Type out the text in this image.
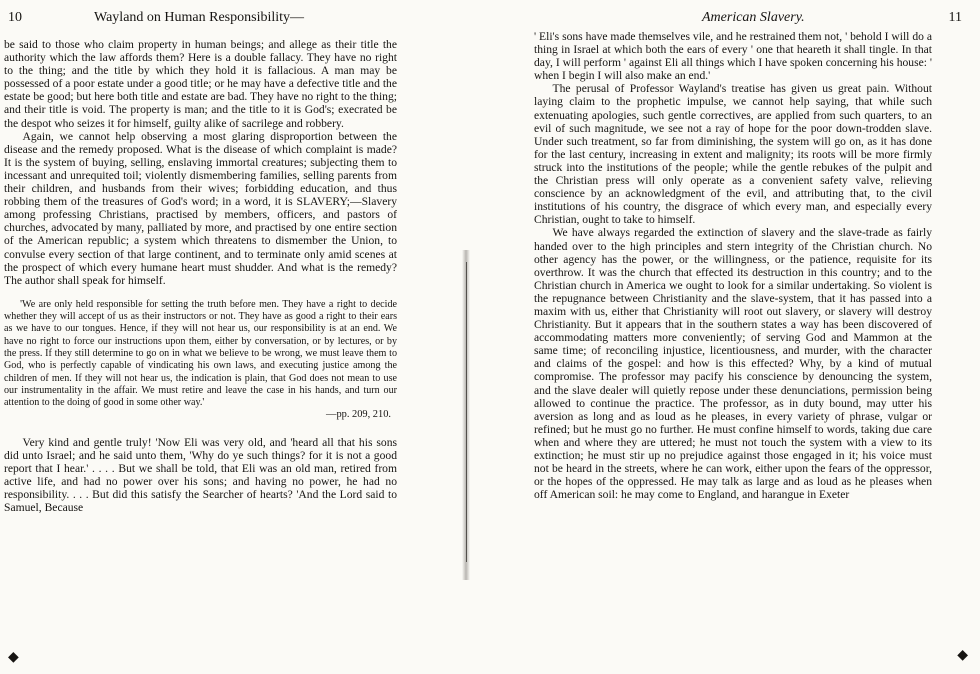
10	Wayland on Human Responsibility—

be said to those who claim property in human beings; and allege as their title the authority which the law affords them? Here is a double fallacy. They have no right to the thing; and the title by which they hold it is fallacious. A man may be possessed of a poor estate under a good title; or he may have a defective title and the estate be good; but here both title and estate are bad. They have no right to the thing; and their title is void. The property is man; and the title to it is God's; execrated be the despot who seizes it for himself, guilty alike of sacrilege and robbery.

Again, we cannot help observing a most glaring disproportion between the disease and the remedy proposed. What is the disease of which complaint is made? It is the system of buying, selling, enslaving immortal creatures; subjecting them to incessant and unrequited toil; violently dismembering families, selling parents from their children, and husbands from their wives; forbidding education, and thus robbing them of the treasures of God's word; in a word, it is SLAVERY;—Slavery among professing Christians, practised by members, officers, and pastors of churches, advocated by many, palliated by more, and practised by one entire section of the American republic; a system which threatens to dismember the Union, to convulse every section of that large continent, and to terminate only amid scenes at the prospect of which every humane heart must shudder. And what is the remedy? The author shall speak for himself.

'We are only held responsible for setting the truth before men. They have a right to decide whether they will accept of us as their instructors or not. They have as good a right to their ears as we have to our tongues. Hence, if they will not hear us, our responsibility is at an end. We have no right to force our instructions upon them, either by conversation, or by lectures, or by the press. If they still determine to go on in what we believe to be wrong, we must leave them to God, who is perfectly capable of vindicating his own laws, and executing justice among the children of men. If they will not hear us, the indication is plain, that God does not mean to use our instrumentality in the affair. We must retire and leave the case in his hands, and turn our attention to the doing of good in some other way.'

—pp. 209, 210.

Very kind and gentle truly! 'Now Eli was very old, and 'heard all that his sons did unto Israel; and he said unto them, 'Why do ye such things? for it is not a good report that I hear.' . . . . But we shall be told, that Eli was an old man, retired from active life, and had no power over his sons; and having no power, he had no responsibility. . . . But did this satisfy the Searcher of hearts? 'And the Lord said to Samuel, Because

◆
American Slavery.	11

' Eli's sons have made themselves vile, and he restrained them not, ' behold I will do a thing in Israel at which both the ears of every ' one that heareth it shall tingle. In that day, I will perform ' against Eli all things which I have spoken concerning his house: ' when I begin I will also make an end.'

The perusal of Professor Wayland's treatise has given us great pain. Without laying claim to the prophetic impulse, we cannot help saying, that while such extenuating apologies, such gentle correctives, are applied from such quarters, to an evil of such magnitude, we see not a ray of hope for the poor down-trodden slave. Under such treatment, so far from diminishing, the system will go on, as it has done for the last century, increasing in extent and malignity; its roots will be more firmly struck into the institutions of the people; while the gentle rebukes of the pulpit and the Christian press will only operate as a convenient safety valve, relieving conscience by an acknowledgment of the evil, and attributing that, to the civil institutions of his country, the disgrace of which every man, and especially every Christian, ought to take to himself.

We have always regarded the extinction of slavery and the slave-trade as fairly handed over to the high principles and stern integrity of the Christian church. No other agency has the power, or the willingness, or the patience, requisite for its overthrow. It was the church that effected its destruction in this country; and to the Christian church in America we ought to look for a similar undertaking. So violent is the repugnance between Christianity and the slave-system, that it has passed into a maxim with us, either that Christianity will root out slavery, or slavery will destroy Christianity. But it appears that in the southern states a way has been discovered of accommodating matters more conveniently; of serving God and Mammon at the same time; of reconciling injustice, licentiousness, and murder, with the character and claims of the gospel: and how is this effected? Why, by a kind of mutual compromise. The professor may pacify his conscience by denouncing the system, and the slave dealer will quietly repose under these denunciations, permission being allowed to continue the practice. The professor, as in duty bound, may utter his aversion as long and as loud as he pleases, in every variety of phrase, vulgar or refined; but he must go no further. He must confine himself to words, taking due care when and where they are uttered; he must not touch the system with a view to its extinction; he must stir up no prejudice against those engaged in it; his voice must not be heard in the streets, where he can work, either upon the fears of the oppressor, or the hopes of the oppressed. He may talk as large and as loud as he pleases when off American soil: he may come to England, and harangue in Exeter

◆
